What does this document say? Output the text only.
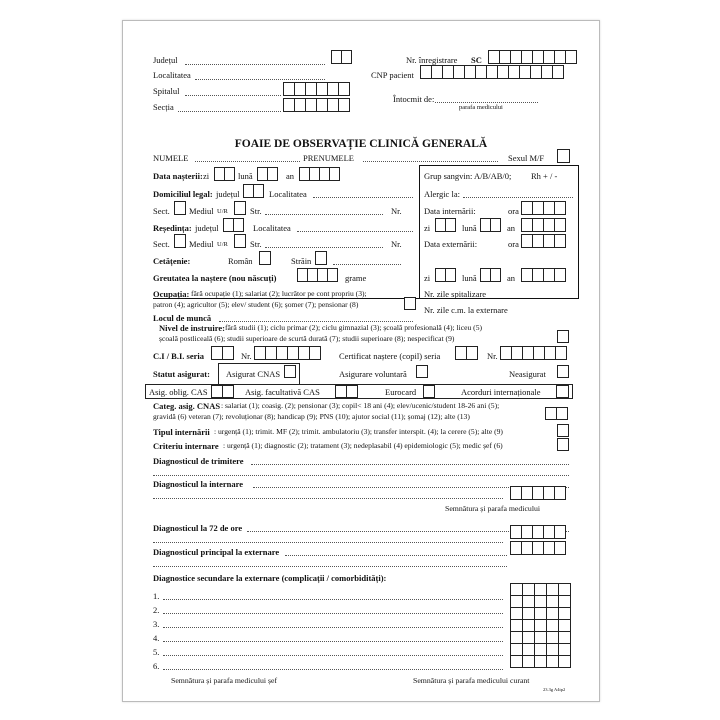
Județul
Localitatea
Spitalul
Secția
Nr. înregistrare SC
CNP pacient
Întocmit de:
parafa medicului
FOAIE DE OBSERVAȚIE CLINICĂ GENERALĂ
NUMELE	PRENUMELE	Sexul M/F
Data nașterii: zi	lună	an	Grup sangvin: A/B/AB/0; Rh + / -
Domiciliul legal: județul	Localitatea	Alergic la:
Sect. Mediul U/R	Str.	Nr.	Data internării:	ora
Reședința: județul	Localitatea	zi	lună	an
Sect. Mediul U/R	Str.	Nr.	Data externării:	ora
Cetățenie:	Român	Străin
Greutatea la naștere (nou născuți)	grame	zi	lună	an
Ocupația: fără ocupație (1); salariat (2); lucrător pe cont propriu (3);
patron (4); agricultor (5); elev/ student (6); șomer (7); pensionar (8)
Nr. zile spitalizare
Nr. zile c.m. la externare
Locul de muncă
Nivel de instruire: fără studii (1); ciclu primar (2); ciclu gimnazial (3); școală profesională (4); liceu (5)
școală postliceală (6); studii superioare de scurtă durată (7); studii superioare (8); nespecificat (9)
C.I / B.I. seria	Nr.	Certificat naștere (copil) seria	Nr.
Statut asigurat: Asigurat CNAS	Asigurare voluntară	Neasigurat
Asig. oblig. CAS	Asig. facultativă CAS	Eurocard	Acorduri internaționale
Categ. asig. CNAS : salariat (1); coasig. (2); pensionar (3); copil< 18 ani (4); elev/ucenic/student 18-26 ani (5);
gravidă (6) veteran (7); revoluționar (8); handicap (9); PNS (10); ajutor social (11); șomaj (12); alte (13)
Tipul internării : urgență (1); trimit. MF (2); trimit. ambulatoriu (3); transfer interspit. (4); la cerere (5); alte (9)
Criteriu internare : urgență (1); diagnostic (2); tratament (3); nedeplasabil (4) epidemiologic (5); medic șef (6)
Diagnosticul de trimitere
Diagnosticul la internare
Semnătura și parafa medicului
Diagnosticul la 72 de ore
Diagnosticul principal la externare
Diagnostice secundare la externare (complicații / comorbidități):
1.
2.
3.
4.
5.
6.

Semnătura și parafa medicului șef	Semnătura și parafa medicului curant
23.3g A4tp2
